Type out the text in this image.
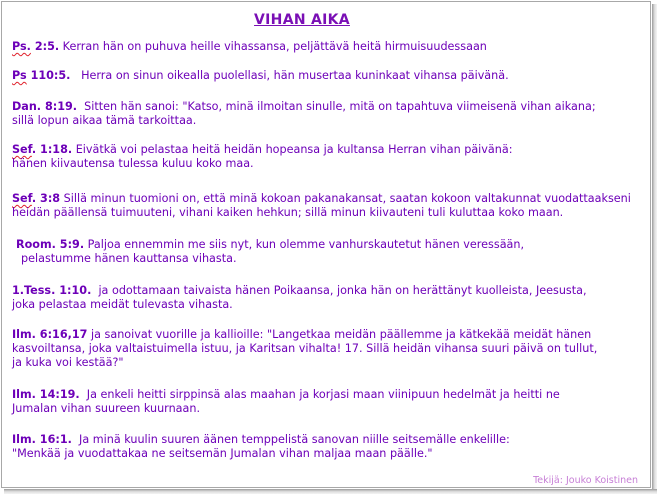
VIHAN AIKA
Ps. 2:5. Kerran hän on puhuva heille vihassansa, peljättävä heitä hirmuisuudessaan
Ps 110:5. Herra on sinun oikealla puolellasi, hän musertaa kuninkaat vihansa päivänä.
Dan. 8:19. Sitten hän sanoi: "Katso, minä ilmoitan sinulle, mitä on tapahtuva viimeisenä vihan aikana;
sillä lopun aikaa tämä tarkoittaa.
Sef. 1:18. Eivätkä voi pelastaa heitä heidän hopeansa ja kultansa Herran vihan päivänä:
hänen kiivautensa tulessa kuluu koko maa.
Sef. 3:8 Sillä minun tuomioni on, että minä kokoan pakanakansat, saatan kokoon valtakunnat vuodattaakseni
heidän päällensä tuimuuteni, vihani kaiken hehkun; sillä minun kiivauteni tuli kuluttaa koko maan.
Room. 5:9. Paljoa ennemmin me siis nyt, kun olemme vanhurskautetut hänen veressään,
pelastumme hänen kauttansa vihasta.
1.Tess. 1:10. ja odottamaan taivaista hänen Poikaansa, jonka hän on herättänyt kuolleista, Jeesusta,
joka pelastaa meidät tulevasta vihasta.
Ilm. 6:16,17 ja sanoivat vuorille ja kallioille: "Langetkaa meidän päällemme ja kätkekää meidät hänen
kasvoiltansa, joka valtaistuimella istuu, ja Karitsan vihalta! 17. Sillä heidän vihansa suuri päivä on tullut,
ja kuka voi kestää?"
Ilm. 14:19. Ja enkeli heitti sirppinsä alas maahan ja korjasi maan viinipuun hedelmät ja heitti ne
Jumalan vihan suureen kuurnaan.
Ilm. 16:1. Ja minä kuulin suuren äänen temppelistä sanovan niille seitsemälle enkelille:
"Menkää ja vuodattakaa ne seitsemän Jumalan vihan maljaa maan päälle."
Tekijä: Jouko Koistinen
